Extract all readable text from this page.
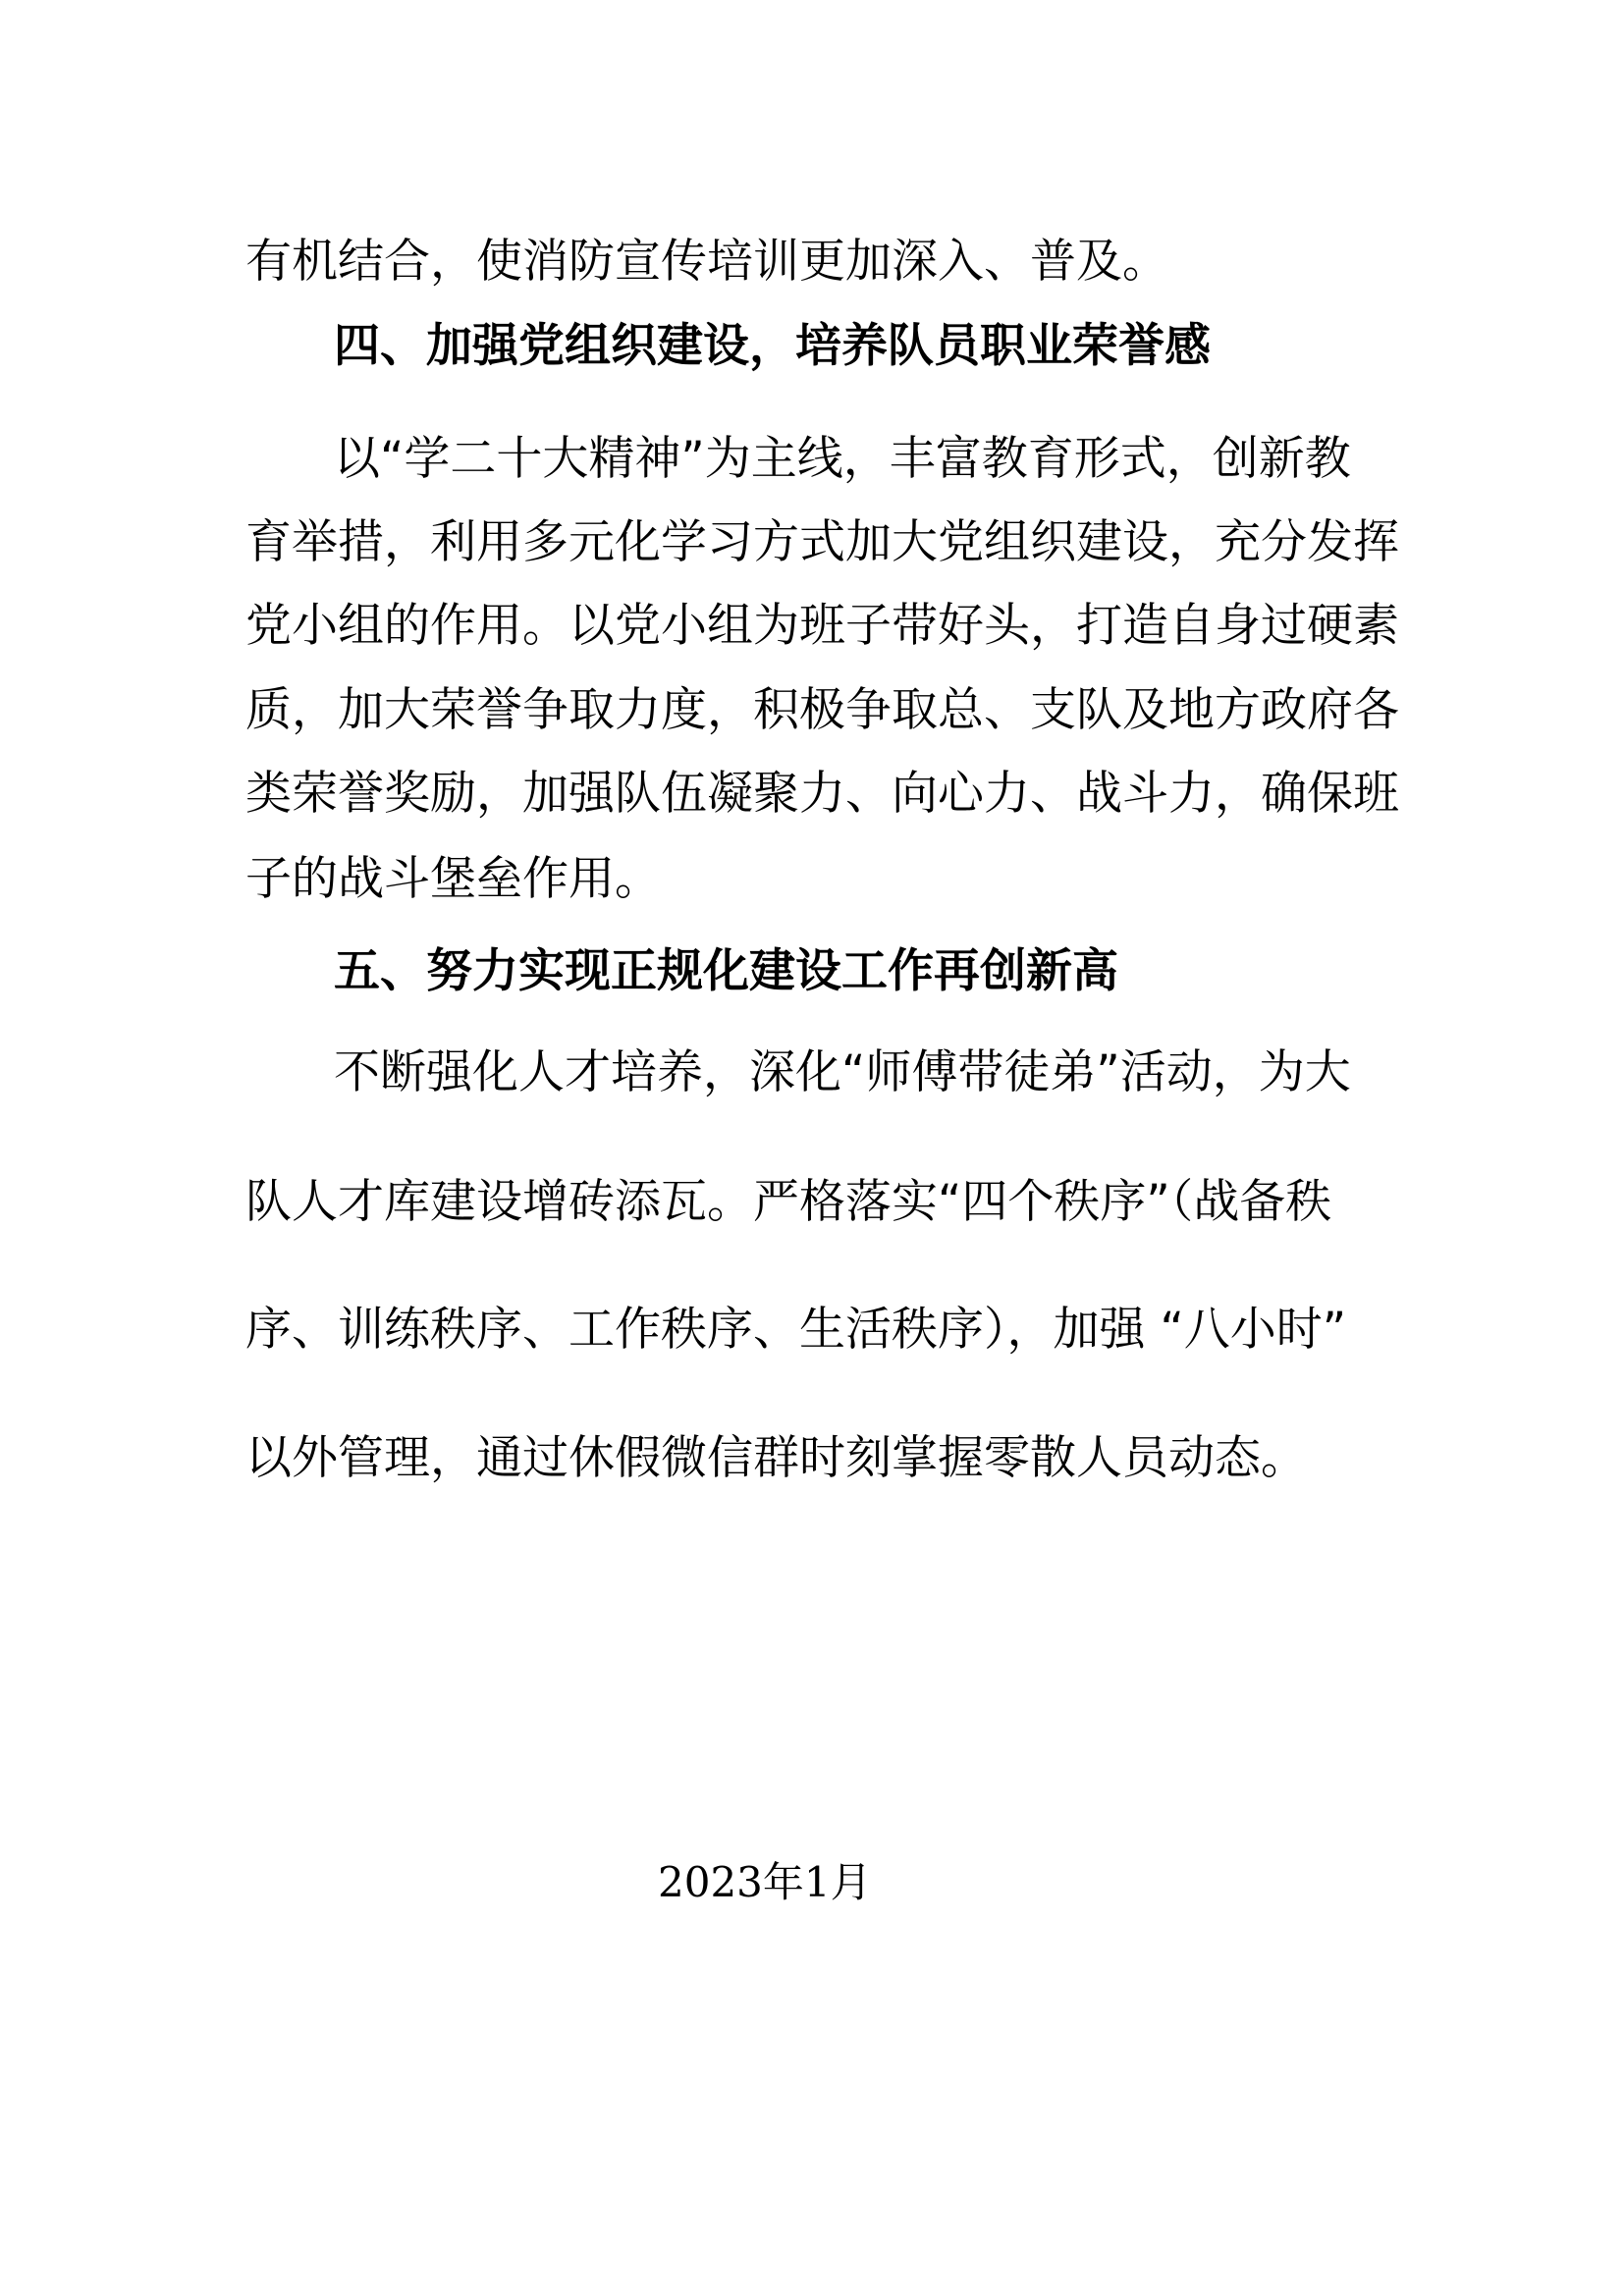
有机结合，使消防宣传培训更加深入、普及。
四、加强党组织建设，培养队员职业荣誉感
以“学二十大精神”为主线，丰富教育形式，创新教
育举措，利用多元化学习方式加大党组织建设，充分发挥
党小组的作用。以党小组为班子带好头，打造自身过硬素
质，加大荣誉争取力度，积极争取总、支队及地方政府各
类荣誉奖励，加强队伍凝聚力、向心力、战斗力，确保班
子的战斗堡垒作用。
五、努力实现正规化建设工作再创新高
不断强化人才培养，深化“师傅带徒弟”活动，为大
队人才库建设增砖添瓦。严格落实“四个秩序”（战备秩
序、训练秩序、工作秩序、生活秩序），加强 “八小时”
以外管理，通过休假微信群时刻掌握零散人员动态。
2023年1月
